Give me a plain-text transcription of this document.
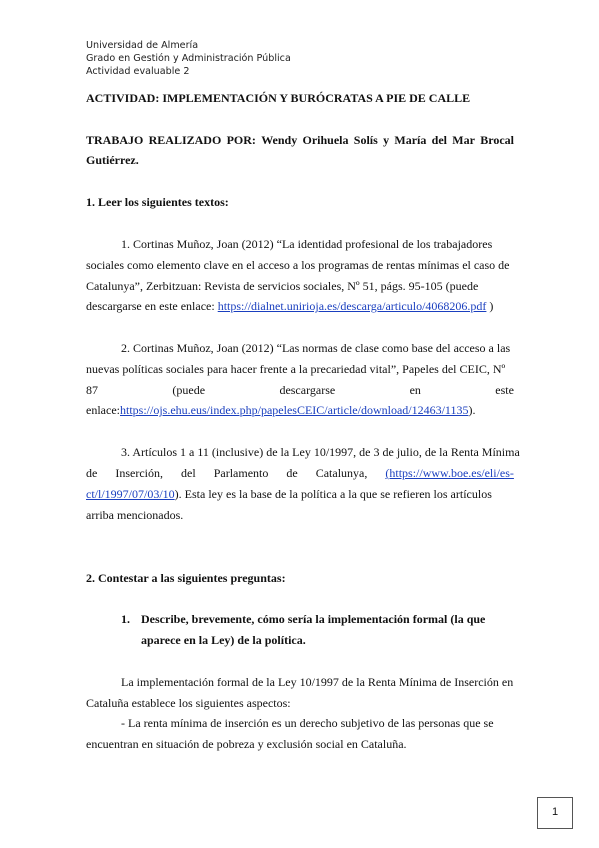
Universidad de Almería
Grado en Gestión y Administración Pública
Actividad evaluable 2
ACTIVIDAD: IMPLEMENTACIÓN Y BURÓCRATAS A PIE DE CALLE
TRABAJO REALIZADO POR: Wendy Orihuela Solís y María del Mar Brocal
Gutiérrez.
1. Leer los siguientes textos:
1. Cortinas Muñoz, Joan (2012) “La identidad profesional de los trabajadores
sociales como elemento clave en el acceso a los programas de rentas mínimas el caso de
Catalunya”, Zerbitzuan: Revista de servicios sociales, Nº 51, págs. 95-105 (puede
descargarse en este enlace: https://dialnet.unirioja.es/descarga/articulo/4068206.pdf )
2. Cortinas Muñoz, Joan (2012) “Las normas de clase como base del acceso a las
nuevas políticas sociales para hacer frente a la precariedad vital”, Papeles del CEIC, Nº
87	(puede	descargarse	en	este
enlace:https://ojs.ehu.eus/index.php/papelesCEIC/article/download/12463/1135).
3. Artículos 1 a 11 (inclusive) de la Ley 10/1997, de 3 de julio, de la Renta Mínima
de Inserción, del Parlamento de Catalunya, (https://www.boe.es/eli/es-
ct/l/1997/07/03/10). Esta ley es la base de la política a la que se refieren los artículos
arriba mencionados.
2. Contestar a las siguientes preguntas:
1. Describe, brevemente, cómo sería la implementación formal (la que
aparece en la Ley) de la política.
La implementación formal de la Ley 10/1997 de la Renta Mínima de Inserción en
Cataluña establece los siguientes aspectos:
- La renta mínima de inserción es un derecho subjetivo de las personas que se
encuentran en situación de pobreza y exclusión social en Cataluña.
1
